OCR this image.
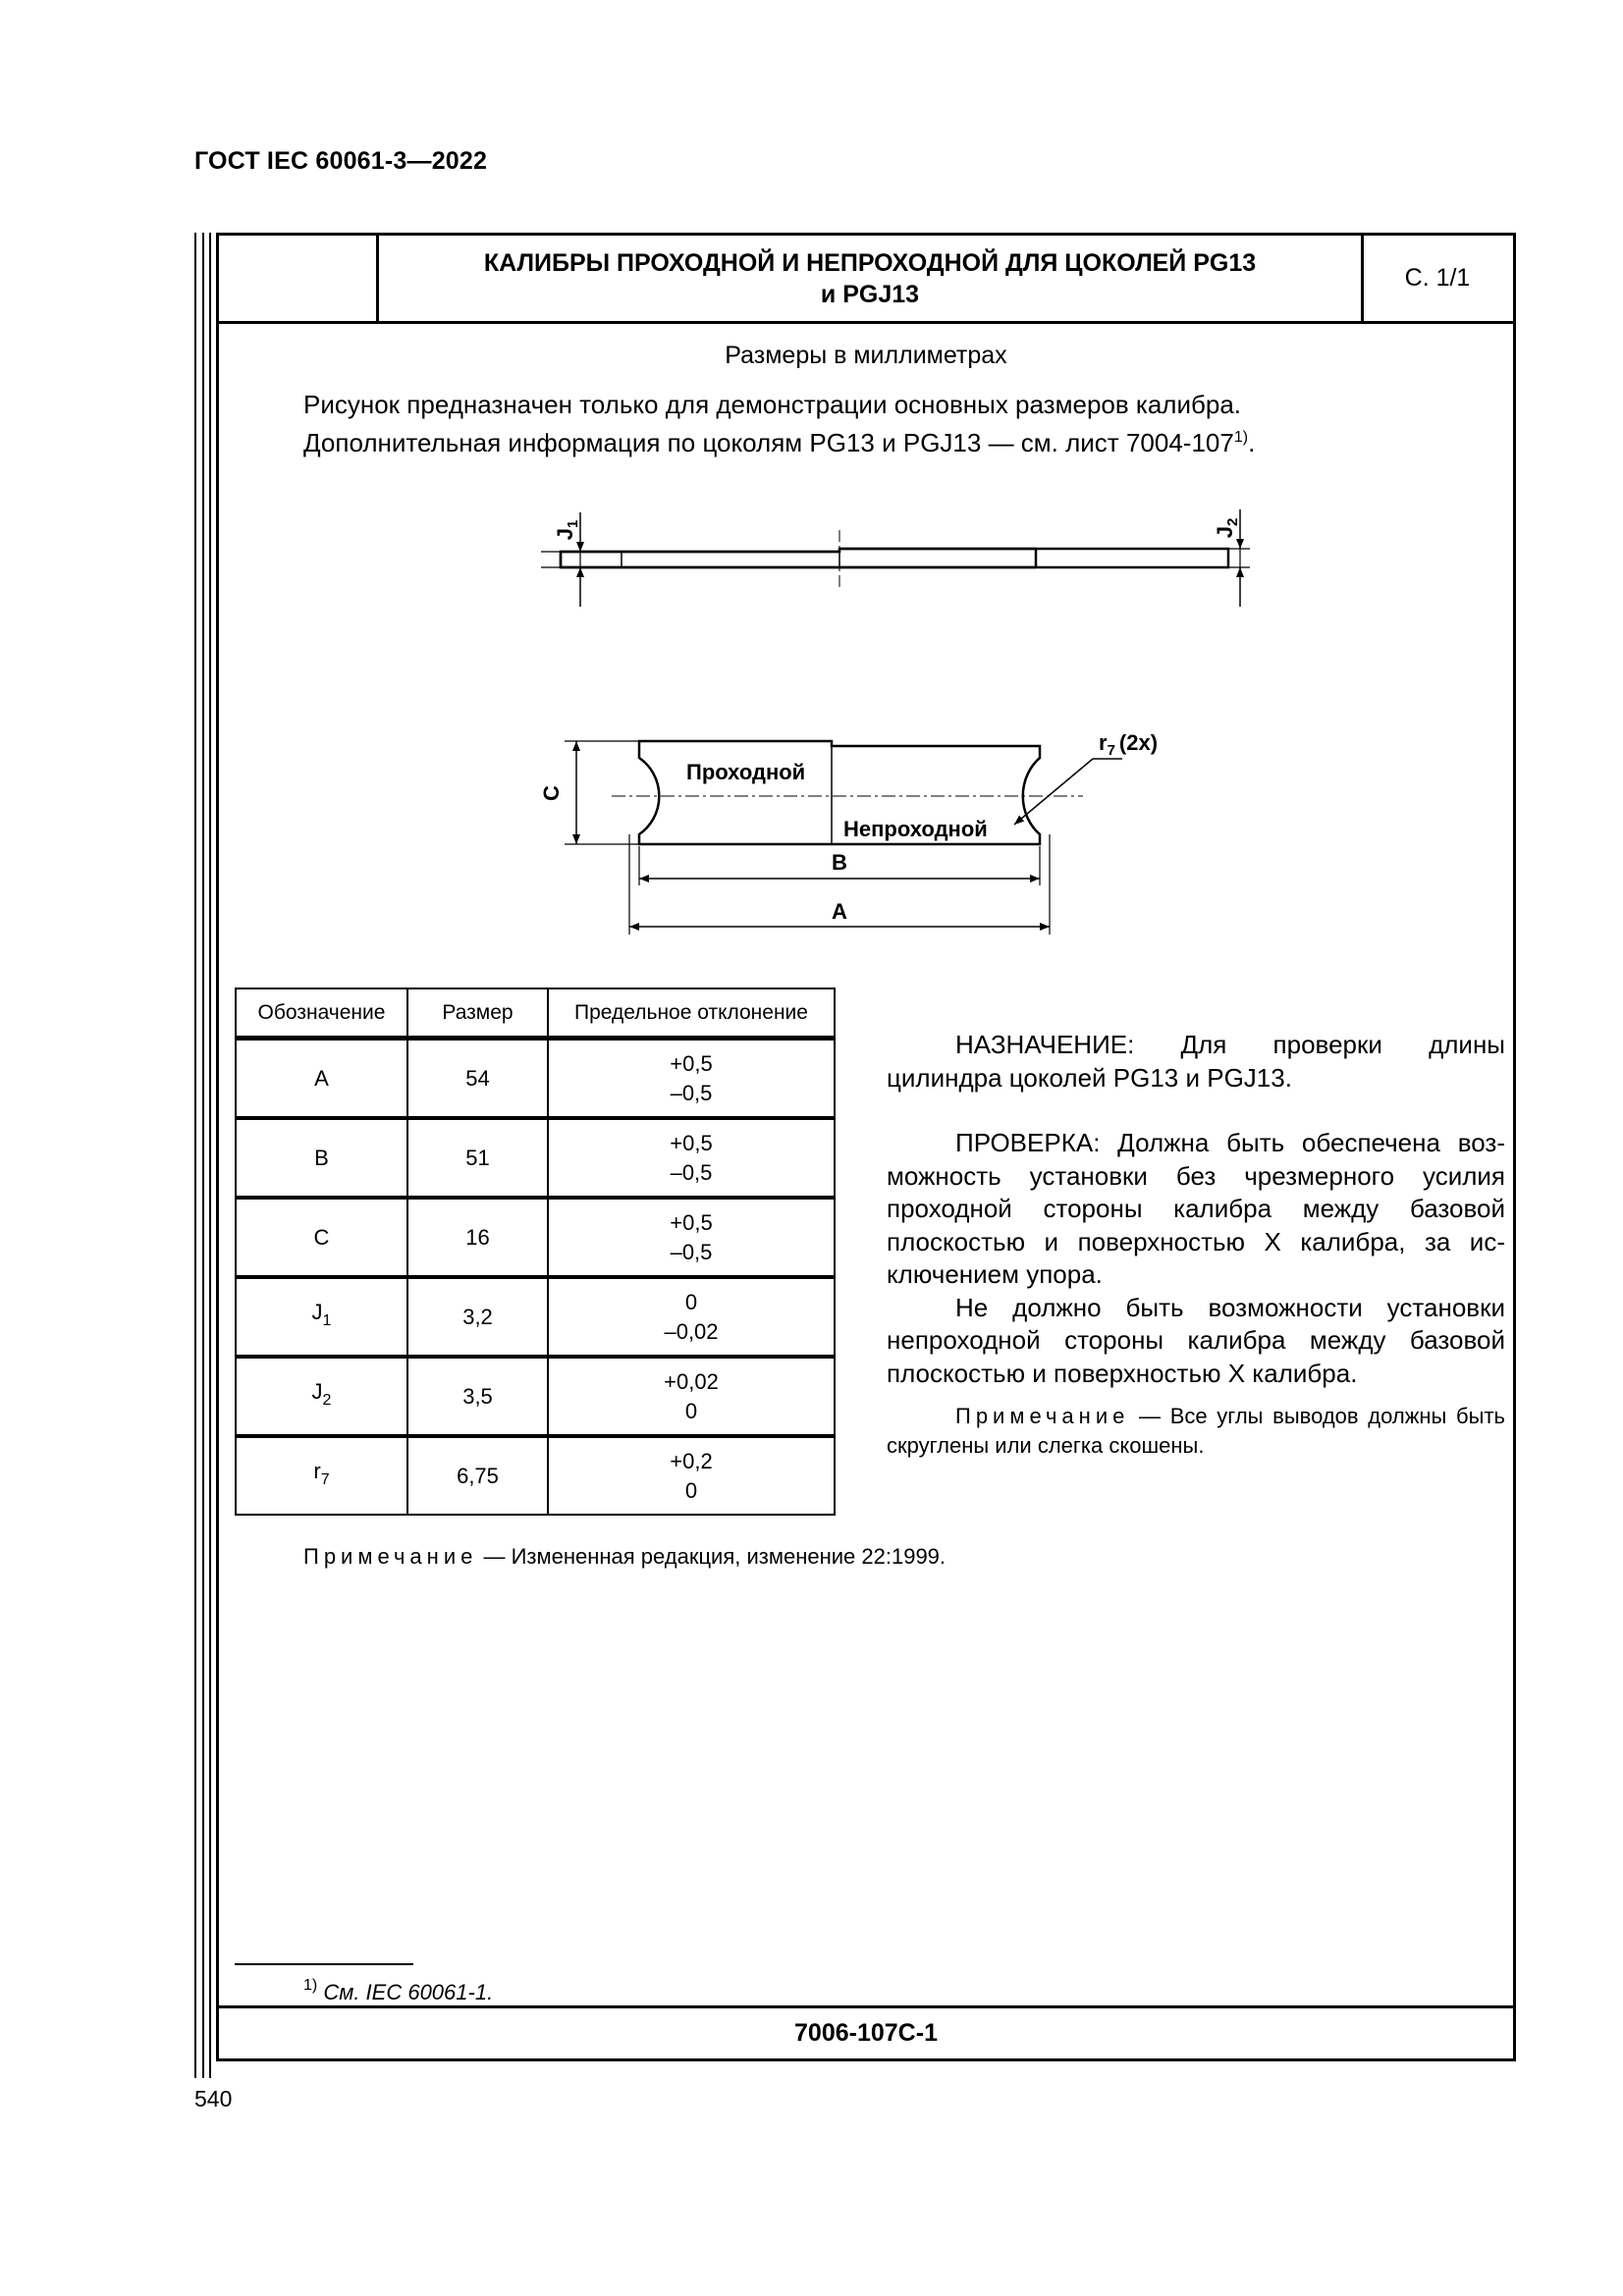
ГОСТ IEC 60061-3—2022
КАЛИБРЫ ПРОХОДНОЙ И НЕПРОХОДНОЙ ДЛЯ ЦОКОЛЕЙ PG13
и PGJ13
С. 1/1
Размеры в миллиметрах
Рисунок предназначен только для демонстрации основных размеров калибра.
Дополнительная информация по цоколям PG13 и PGJ13 — см. лист 7004-107$^{1)}$.
$J_1$
$J_2$
C
B
A
Проходной
Непроходной
$r_7$ (2x)
Обозначение	Размер	Предельное отклонение
A	54	+0,5
–0,5

B	51	+0,5
–0,5

C	16	+0,5
–0,5

$J_1$	3,2	0
–0,02

$J_2$	3,5	+0,02
0

$r_7$	6,75	+0,2
0

НАЗНАЧЕНИЕ: Для проверки длины цилиндра цоколей PG13 и PGJ13.

ПРОВЕРКА: Должна быть обеспечена возможность установки без чрезмерного усилия проходной стороны калибра между базовой плоскостью и поверхностью X калибра, за исключением упора.

Не должно быть возможности установки непроходной стороны калибра между базовой плоскостью и поверхностью X калибра.

Примечание — Все углы выводов должны быть скруглены или слегка скошены.

Примечание — Измененная редакция, изменение 22:1999.
$^{1)}$ См. IEC 60061-1.
7006-107C-1
540
